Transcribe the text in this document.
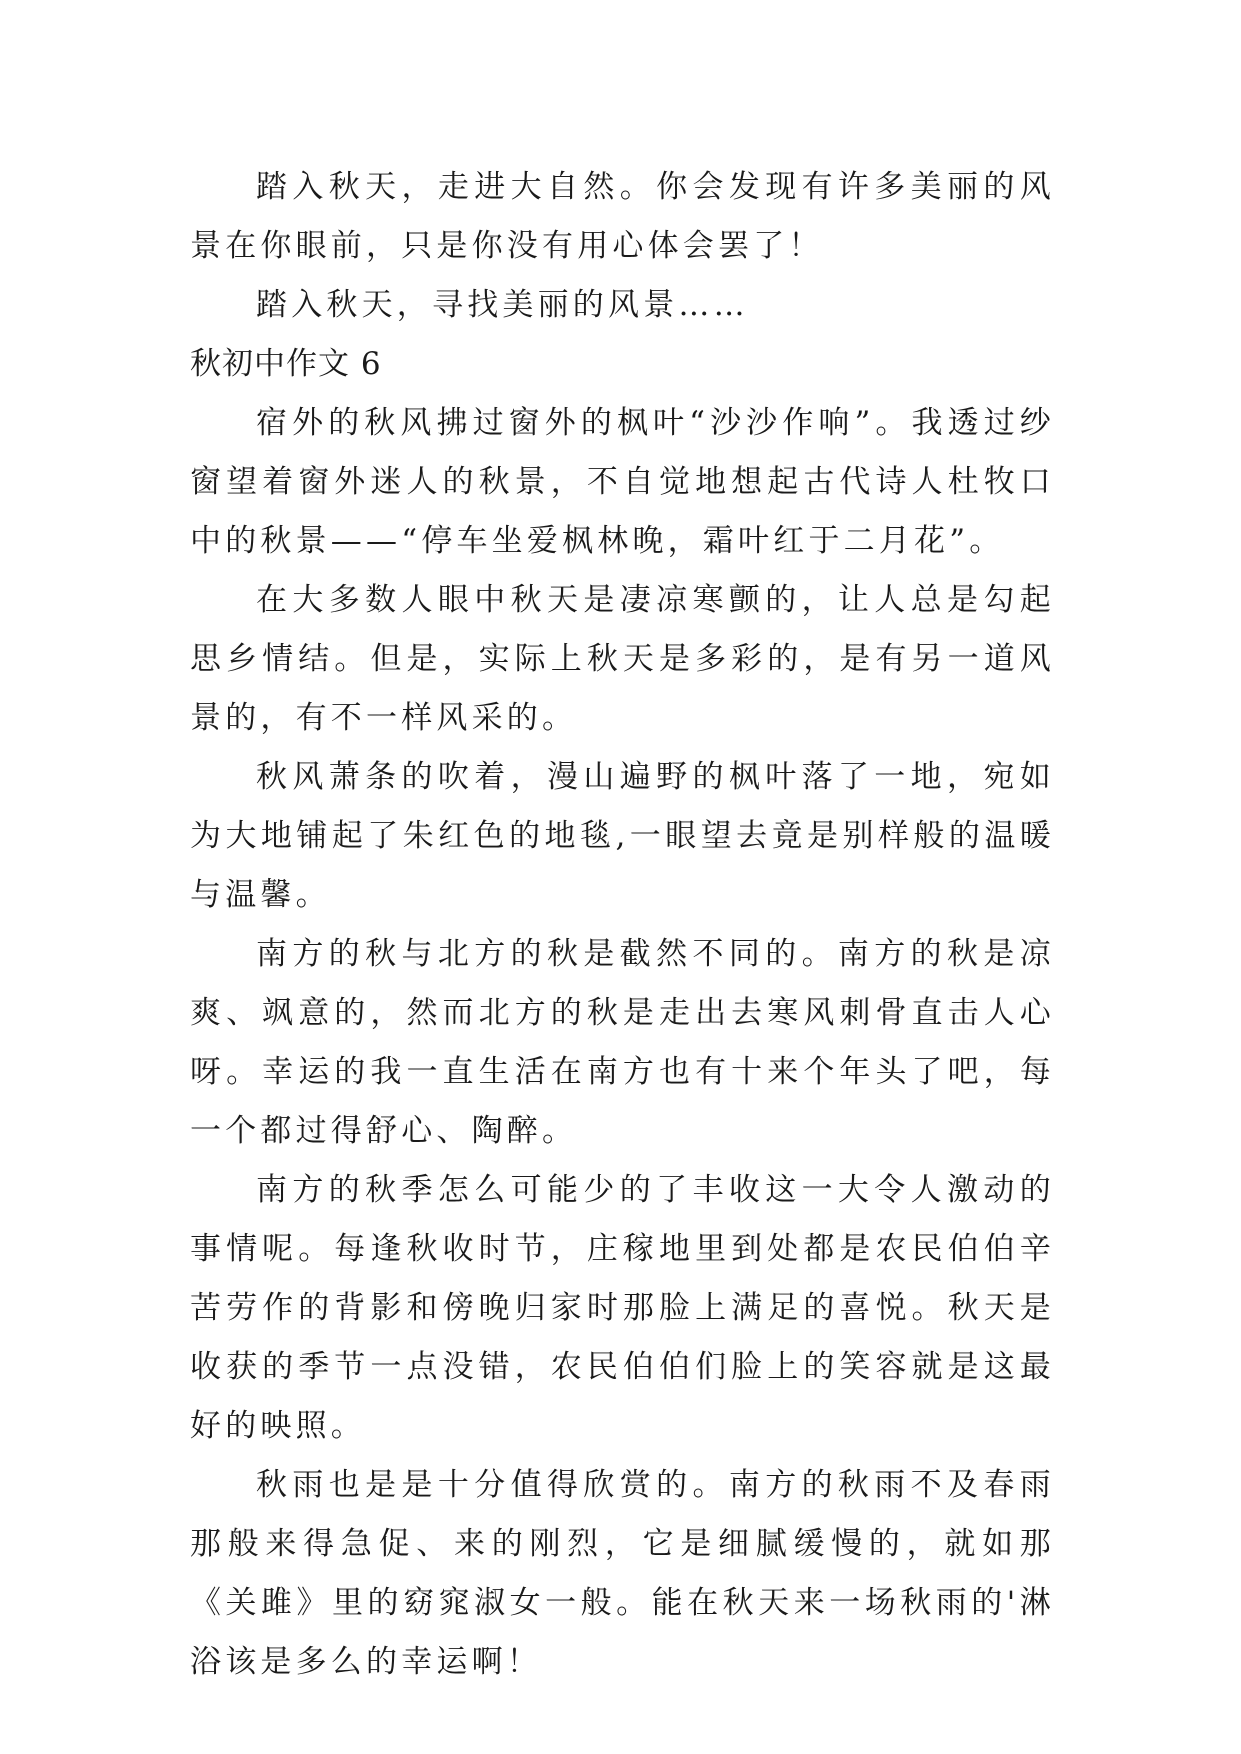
踏入秋天，走进大自然。你会发现有许多美丽的风景在你眼前，只是你没有用心体会罢了！

踏入秋天，寻找美丽的风景……

秋初中作文 6

宿外的秋风拂过窗外的枫叶“沙沙作响”。我透过纱窗望着窗外迷人的秋景，不自觉地想起古代诗人杜牧口中的秋景——“停车坐爱枫林晚，霜叶红于二月花”。

在大多数人眼中秋天是凄凉寒颤的，让人总是勾起思乡情结。但是，实际上秋天是多彩的，是有另一道风景的，有不一样风采的。

秋风萧条的吹着，漫山遍野的枫叶落了一地，宛如为大地铺起了朱红色的地毯,一眼望去竟是别样般的温暖与温馨。

南方的秋与北方的秋是截然不同的。南方的秋是凉爽、飒意的，然而北方的秋是走出去寒风刺骨直击人心呀。幸运的我一直生活在南方也有十来个年头了吧，每一个都过得舒心、陶醉。

南方的秋季怎么可能少的了丰收这一大令人激动的事情呢。每逢秋收时节，庄稼地里到处都是农民伯伯辛苦劳作的背影和傍晚归家时那脸上满足的喜悦。秋天是收获的季节一点没错，农民伯伯们脸上的笑容就是这最好的映照。

秋雨也是是十分值得欣赏的。南方的秋雨不及春雨那般来得急促、来的刚烈，它是细腻缓慢的，就如那《关雎》里的窈窕淑女一般。能在秋天来一场秋雨的'淋浴该是多么的幸运啊！
